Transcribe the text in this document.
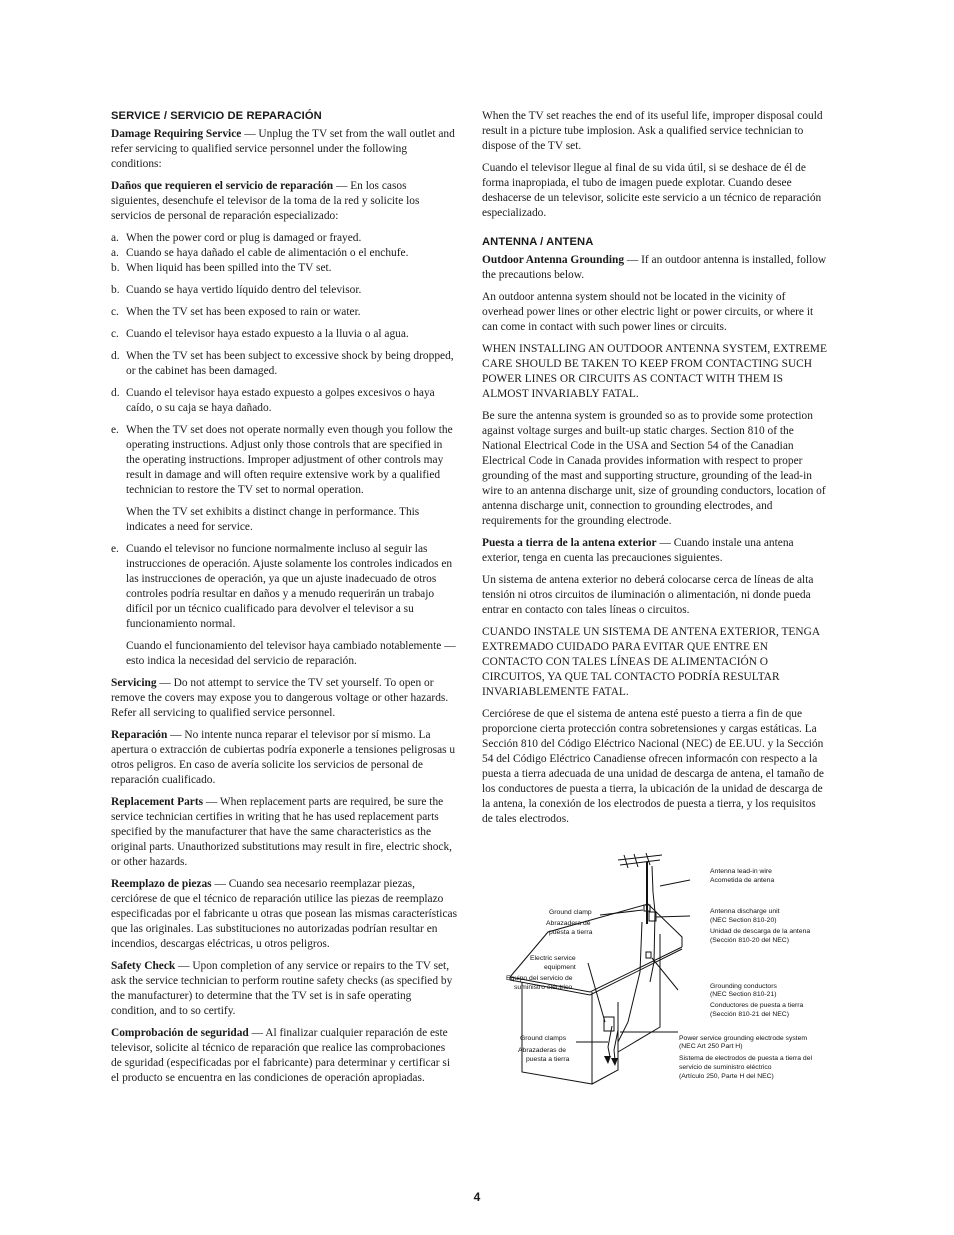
SERVICE / SERVICIO DE REPARACIÓN

Damage Requiring Service — Unplug the TV set from the wall outlet and refer servicing to qualified service personnel under the following conditions:

Daños que requieren el servicio de reparación — En los casos siguientes, desenchufe el televisor de la toma de la red y solicite los servicios de personal de reparación especializado:

a. When the power cord or plug is damaged or frayed.
a. Cuando se haya dañado el cable de alimentación o el enchufe.
b. When liquid has been spilled into the TV set.
b. Cuando se haya vertido líquido dentro del televisor.
c. When the TV set has been exposed to rain or water.
c. Cuando el televisor haya estado expuesto a la lluvia o al agua.
d. When the TV set has been subject to excessive shock by being dropped, or the cabinet has been damaged.
d. Cuando el televisor haya estado expuesto a golpes excesivos o haya caído, o su caja se haya dañado.
e. When the TV set does not operate normally even though you follow the operating instructions. Adjust only those controls that are specified in the operating instructions. Improper adjustment of other controls may result in damage and will often require extensive work by a qualified technician to restore the TV set to normal operation.

When the TV set exhibits a distinct change in performance. This indicates a need for service.

e. Cuando el televisor no funcione normalmente incluso al seguir las instrucciones de operación. Ajuste solamente los controles indicados en las instrucciones de operación, ya que un ajuste inadecuado de otros controles podría resultar en daños y a menudo requerirán un trabajo difícil por un técnico cualificado para devolver el televisor a su funcionamiento normal.

Cuando el funcionamiento del televisor haya cambiado notablemente — esto indica la necesidad del servicio de reparación.

Servicing — Do not attempt to service the TV set yourself. To open or remove the covers may expose you to dangerous voltage or other hazards. Refer all servicing to qualified service personnel.

Reparación — No intente nunca reparar el televisor por sí mismo. La apertura o extracción de cubiertas podría exponerle a tensiones peligrosas u otros peligros. En caso de avería solicite los servicios de personal de reparación cualificado.

Replacement Parts — When replacement parts are required, be sure the service technician certifies in writing that he has used replacement parts specified by the manufacturer that have the same characteristics as the original parts. Unauthorized substitutions may result in fire, electric shock, or other hazards.

Reemplazo de piezas — Cuando sea necesario reemplazar piezas, cerciórese de que el técnico de reparación utilice las piezas de reemplazo especificadas por el fabricante u otras que posean las mismas características que las originales. Las substituciones no autorizadas podrían resultar en incendios, descargas eléctricas, u otros peligros.

Safety Check — Upon completion of any service or repairs to the TV set, ask the service technician to perform routine safety checks (as specified by the manufacturer) to determine that the TV set is in safe operating condition, and to so certify.

Comprobación de seguridad — Al finalizar cualquier reparación de este televisor, solicite al técnico de reparación que realice las comprobaciones de sguridad (especificadas por el fabricante) para determinar y certificar si el producto se encuentra en las condiciones de operación apropiadas.

When the TV set reaches the end of its useful life, improper disposal could result in a picture tube implosion. Ask a qualified service technician to dispose of the TV set.

Cuando el televisor llegue al final de su vida útil, si se deshace de él de forma inapropiada, el tubo de imagen puede explotar. Cuando desee deshacerse de un televisor, solicite este servicio a un técnico de reparación especializado.

ANTENNA / ANTENA

Outdoor Antenna Grounding — If an outdoor antenna is installed, follow the precautions below.

An outdoor antenna system should not be located in the vicinity of overhead power lines or other electric light or power circuits, or where it can come in contact with such power lines or circuits.

WHEN INSTALLING AN OUTDOOR ANTENNA SYSTEM, EXTREME CARE SHOULD BE TAKEN TO KEEP FROM CONTACTING SUCH POWER LINES OR CIRCUITS AS CONTACT WITH THEM IS ALMOST INVARIABLY FATAL.

Be sure the antenna system is grounded so as to provide some protection against voltage surges and built-up static charges. Section 810 of the National Electrical Code in the USA and Section 54 of the Canadian Electrical Code in Canada provides information with respect to proper grounding of the mast and supporting structure, grounding of the lead-in wire to an antenna discharge unit, size of grounding conductors, location of antenna discharge unit, connection to grounding electrodes, and requirements for the grounding electrode.

Puesta a tierra de la antena exterior — Cuando instale una antena exterior, tenga en cuenta las precauciones siguientes.

Un sistema de antena exterior no deberá colocarse cerca de líneas de alta tensión ni otros circuitos de iluminación o alimentación, ni donde pueda entrar en contacto con tales líneas o circuitos.

CUANDO INSTALE UN SISTEMA DE ANTENA EXTERIOR, TENGA EXTREMADO CUIDADO PARA EVITAR QUE ENTRE EN CONTACTO CON TALES LÍNEAS DE ALIMENTACIÓN O CIRCUITOS, YA QUE TAL CONTACTO PODRÍA RESULTAR INVARIABLEMENTE FATAL.

Cerciórese de que el sistema de antena esté puesto a tierra a fin de que proporcione cierta protección contra sobretensiones y cargas estáticas. La Sección 810 del Código Eléctrico Nacional (NEC) de EE.UU. y la Sección 54 del Código Eléctrico Canadiense ofrecen informacón con respecto a la puesta a tierra adecuada de una unidad de descarga de antena, el tamaño de los conductores de puesta a tierra, la ubicación de la unidad de descarga de la antena, la conexión de los electrodos de puesta a tierra, y los requisitos de tales electrodos.

Antenna lead-in wire
Acometida de antena
Antenna discharge unit
(NEC Section 810-20)
Unidad de descarga de la antena
(Sección 810-20 del NEC)
Ground clamp
Abrazadera de
puesta a tierra
Electric service
equipment
Equipo del servicio de
suministro eléctrico	Grounding conductors
(NEC Section 810-21)
Conductores de puesta a tierra
(Sección 810-21 del NEC)
Ground clamps
Abrazaderas de
puesta a tierra
Power service grounding electrode system
(NEC Art 250 Part H)
Sistema de electrodos de puesta a tierra del
servicio de suministro eléctrico
(Artículo 250, Parte H del NEC)
4
